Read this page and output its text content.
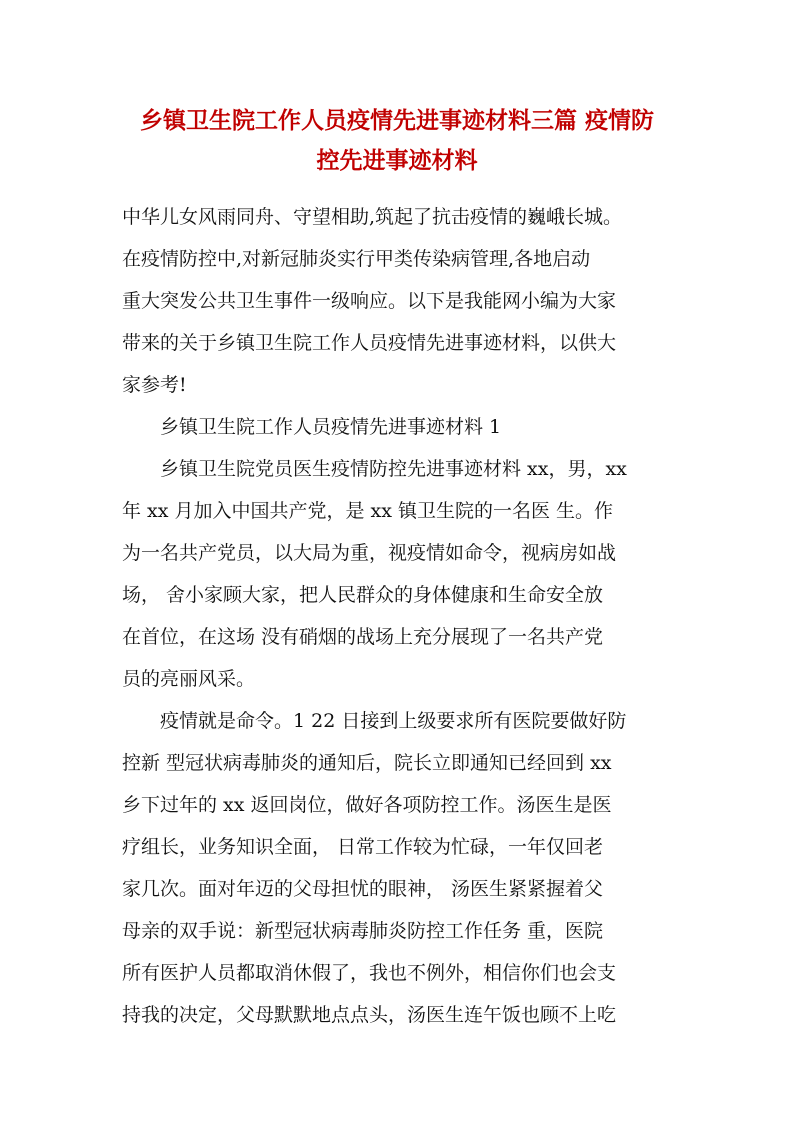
乡镇卫生院工作人员疫情先进事迹材料三篇 疫情防
控先进事迹材料
中华儿女风雨同舟、守望相助,筑起了抗击疫情的巍峨长城。
在疫情防控中,对新冠肺炎实行甲类传染病管理,各地启动
重大突发公共卫生事件一级响应。以下是我能网小编为大家
带来的关于乡镇卫生院工作人员疫情先进事迹材料，以供大
家参考!
乡镇卫生院工作人员疫情先进事迹材料 1
乡镇卫生院党员医生疫情防控先进事迹材料 xx，男，xx
年 xx 月加入中国共产党，是 xx 镇卫生院的一名医 生。作
为一名共产党员，以大局为重，视疫情如命令，视病房如战
场， 舍小家顾大家，把人民群众的身体健康和生命安全放
在首位，在这场 没有硝烟的战场上充分展现了一名共产党
员的亮丽风采。
疫情就是命令。1 22 日接到上级要求所有医院要做好防
控新 型冠状病毒肺炎的通知后，院长立即通知已经回到 xx
乡下过年的 xx 返回岗位，做好各项防控工作。汤医生是医
疗组长，业务知识全面， 日常工作较为忙碌，一年仅回老
家几次。面对年迈的父母担忧的眼神， 汤医生紧紧握着父
母亲的双手说：新型冠状病毒肺炎防控工作任务 重，医院
所有医护人员都取消休假了，我也不例外，相信你们也会支
持我的决定，父母默默地点点头，汤医生连午饭也顾不上吃
